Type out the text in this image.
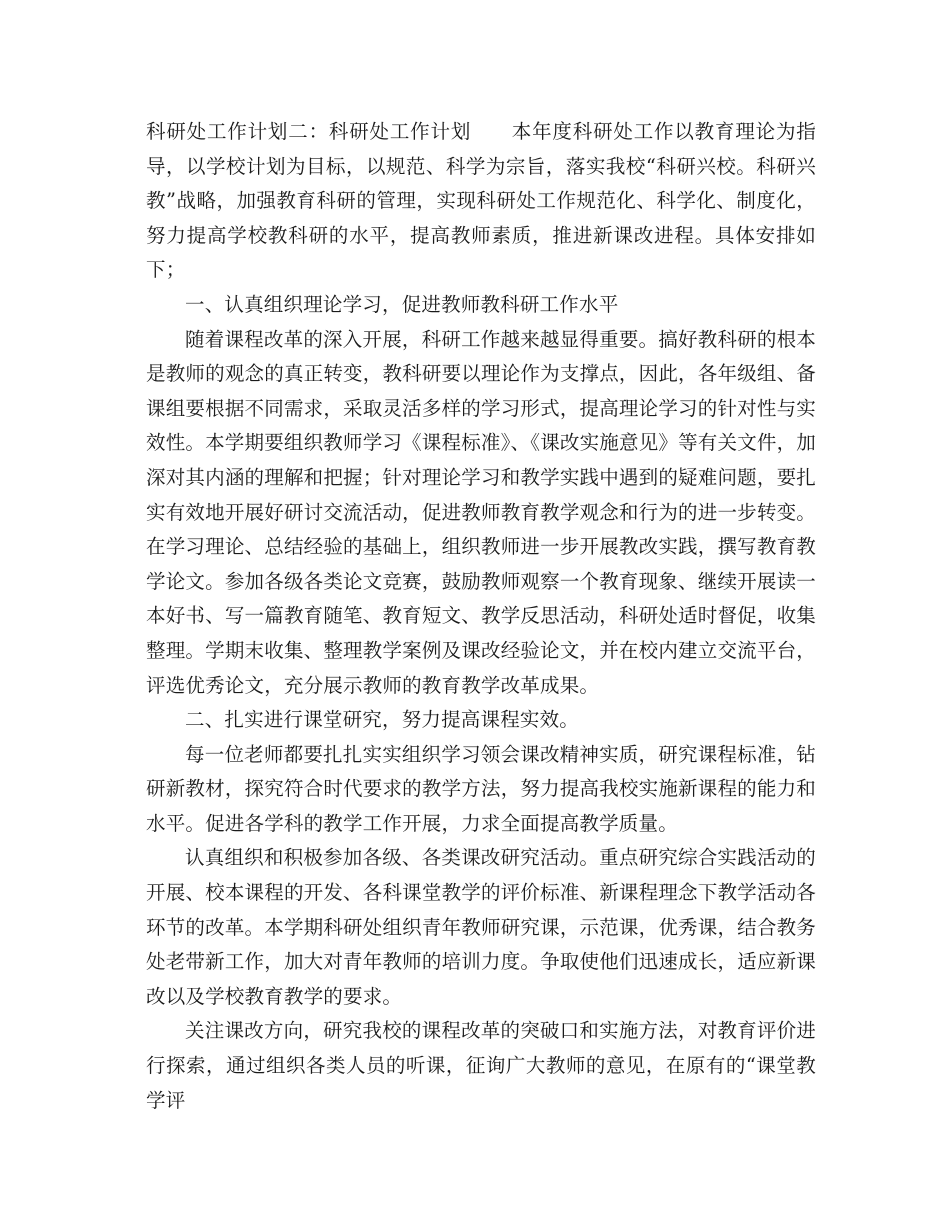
科研处工作计划二：科研处工作计划　　本年度科研处工作以教育理论为指导，以学校计划为目标，以规范、科学为宗旨，落实我校“科研兴校。科研兴教”战略，加强教育科研的管理，实现科研处工作规范化、科学化、制度化，努力提高学校教科研的水平，提高教师素质，推进新课改进程。具体安排如下；

一、认真组织理论学习，促进教师教科研工作水平

随着课程改革的深入开展，科研工作越来越显得重要。搞好教科研的根本是教师的观念的真正转变，教科研要以理论作为支撑点，因此，各年级组、备课组要根据不同需求，采取灵活多样的学习形式，提高理论学习的针对性与实效性。本学期要组织教师学习《课程标准》、《课改实施意见》等有关文件，加深对其内涵的理解和把握；针对理论学习和教学实践中遇到的疑难问题，要扎实有效地开展好研讨交流活动，促进教师教育教学观念和行为的进一步转变。在学习理论、总结经验的基础上，组织教师进一步开展教改实践，撰写教育教学论文。参加各级各类论文竞赛，鼓励教师观察一个教育现象、继续开展读一本好书、写一篇教育随笔、教育短文、教学反思活动，科研处适时督促，收集整理。学期末收集、整理教学案例及课改经验论文，并在校内建立交流平台，评选优秀论文，充分展示教师的教育教学改革成果。

二、扎实进行课堂研究，努力提高课程实效。

每一位老师都要扎扎实实组织学习领会课改精神实质，研究课程标准，钻研新教材，探究符合时代要求的教学方法，努力提高我校实施新课程的能力和水平。促进各学科的教学工作开展，力求全面提高教学质量。

认真组织和积极参加各级、各类课改研究活动。重点研究综合实践活动的开展、校本课程的开发、各科课堂教学的评价标准、新课程理念下教学活动各环节的改革。本学期科研处组织青年教师研究课，示范课，优秀课，结合教务处老带新工作，加大对青年教师的培训力度。争取使他们迅速成长，适应新课改以及学校教育教学的要求。

关注课改方向，研究我校的课程改革的突破口和实施方法，对教育评价进行探索，通过组织各类人员的听课，征询广大教师的意见，在原有的“课堂教学评
